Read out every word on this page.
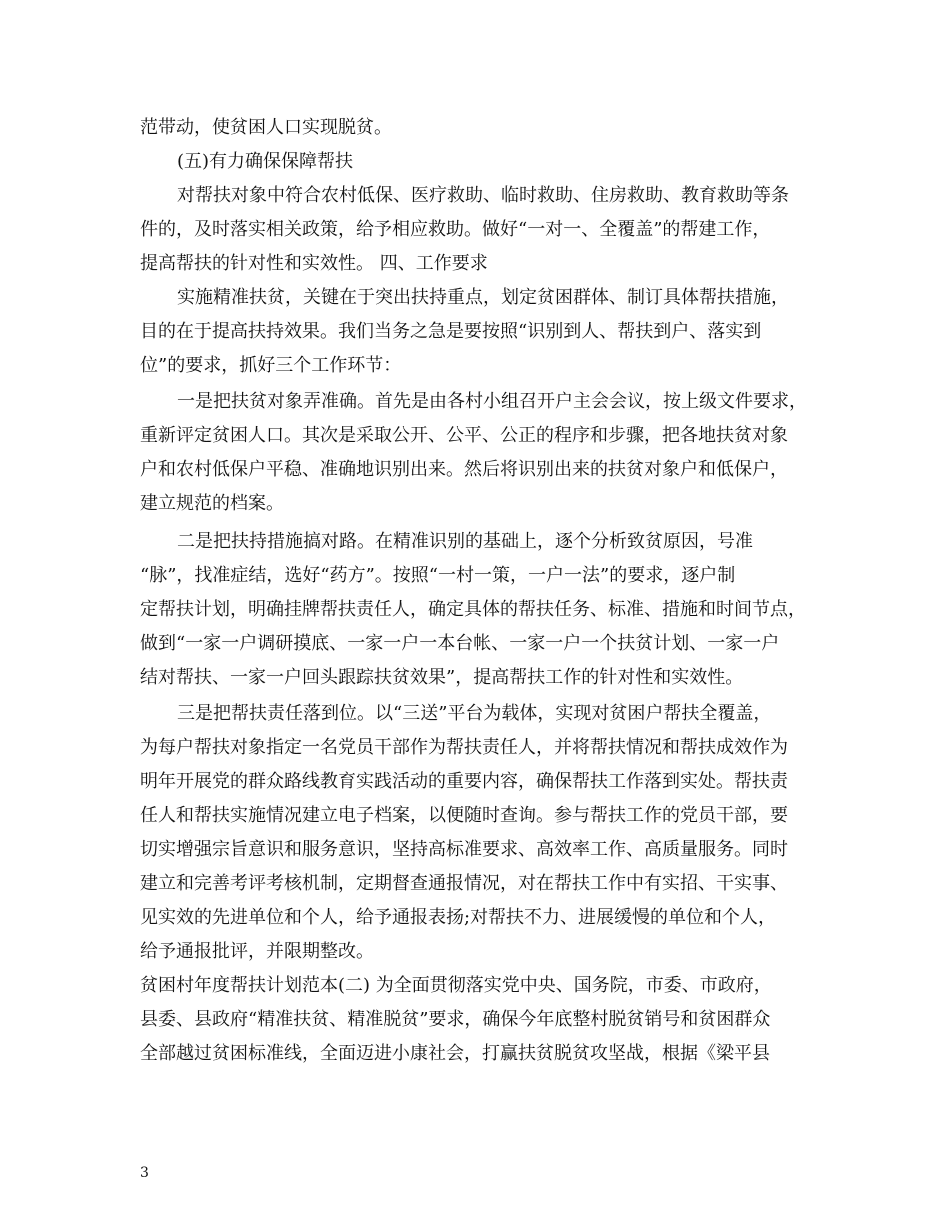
范带动，使贫困人口实现脱贫。
(五)有力确保保障帮扶
对帮扶对象中符合农村低保、医疗救助、临时救助、住房救助、教育救助等条
件的，及时落实相关政策，给予相应救助。做好“一对一、全覆盖”的帮建工作，
提高帮扶的针对性和实效性。 四、工作要求
实施精准扶贫，关键在于突出扶持重点，划定贫困群体、制订具体帮扶措施，
目的在于提高扶持效果。我们当务之急是要按照“识别到人、帮扶到户、落实到
位”的要求，抓好三个工作环节：
一是把扶贫对象弄准确。首先是由各村小组召开户主会会议，按上级文件要求，
重新评定贫困人口。其次是采取公开、公平、公正的程序和步骤，把各地扶贫对象
户和农村低保户平稳、准确地识别出来。然后将识别出来的扶贫对象户和低保户，
建立规范的档案。
二是把扶持措施搞对路。在精准识别的基础上，逐个分析致贫原因，号准
“脉”，找准症结，选好“药方”。按照“一村一策，一户一法”的要求，逐户制
定帮扶计划，明确挂牌帮扶责任人，确定具体的帮扶任务、标准、措施和时间节点，
做到“一家一户调研摸底、一家一户一本台帐、一家一户一个扶贫计划、一家一户
结对帮扶、一家一户回头跟踪扶贫效果”，提高帮扶工作的针对性和实效性。
三是把帮扶责任落到位。以“三送”平台为载体，实现对贫困户帮扶全覆盖，
为每户帮扶对象指定一名党员干部作为帮扶责任人，并将帮扶情况和帮扶成效作为
明年开展党的群众路线教育实践活动的重要内容，确保帮扶工作落到实处。帮扶责
任人和帮扶实施情况建立电子档案，以便随时查询。参与帮扶工作的党员干部，要
切实增强宗旨意识和服务意识，坚持高标准要求、高效率工作、高质量服务。同时
建立和完善考评考核机制，定期督查通报情况，对在帮扶工作中有实招、干实事、
见实效的先进单位和个人，给予通报表扬;对帮扶不力、进展缓慢的单位和个人，
给予通报批评，并限期整改。
贫困村年度帮扶计划范本(二) 为全面贯彻落实党中央、国务院，市委、市政府，
县委、县政府“精准扶贫、精准脱贫”要求，确保今年底整村脱贫销号和贫困群众
全部越过贫困标准线，全面迈进小康社会，打赢扶贫脱贫攻坚战，根据《梁平县
3
